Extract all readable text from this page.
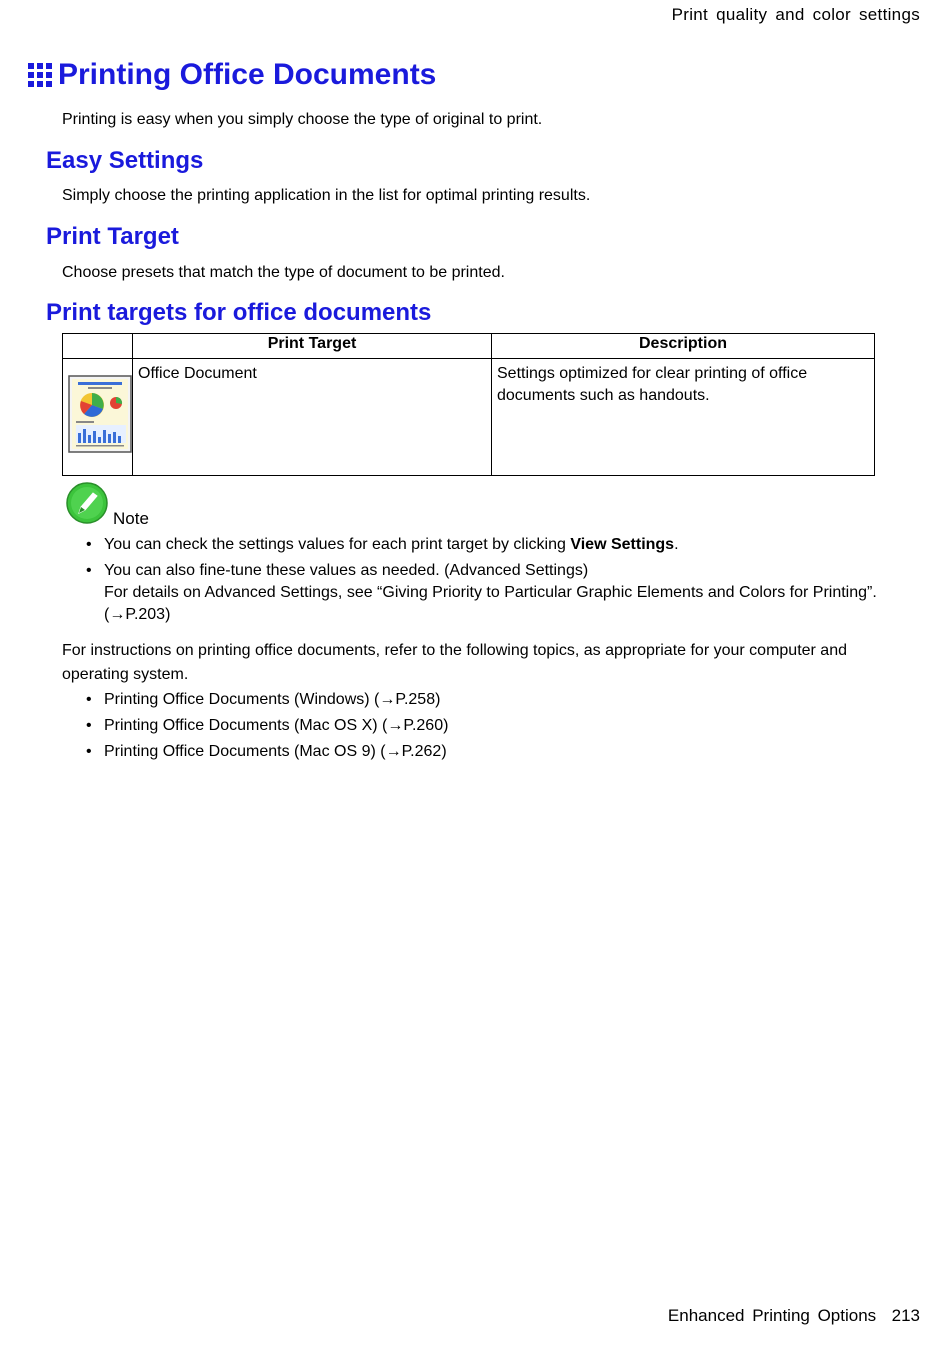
Print quality and color settings
Printing Office Documents
Printing is easy when you simply choose the type of original to print.
Easy Settings
Simply choose the printing application in the list for optimal printing results.
Print Target
Choose presets that match the type of document to be printed.
Print targets for office documents
	Print Target	Description

	Office Document	Settings optimized for clear printing of office documents such as handouts.
Note
• You can check the settings values for each print target by clicking View Settings.
• You can also fine-tune these values as needed. (Advanced Settings)
For details on Advanced Settings, see “Giving Priority to Particular Graphic Elements and Colors for Printing”. (→P.203)
For instructions on printing office documents, refer to the following topics, as appropriate for your computer and operating system.
• Printing Office Documents (Windows) (→P.258)
• Printing Office Documents (Mac OS X) (→P.260)
• Printing Office Documents (Mac OS 9) (→P.262)
Enhanced Printing Options 213
